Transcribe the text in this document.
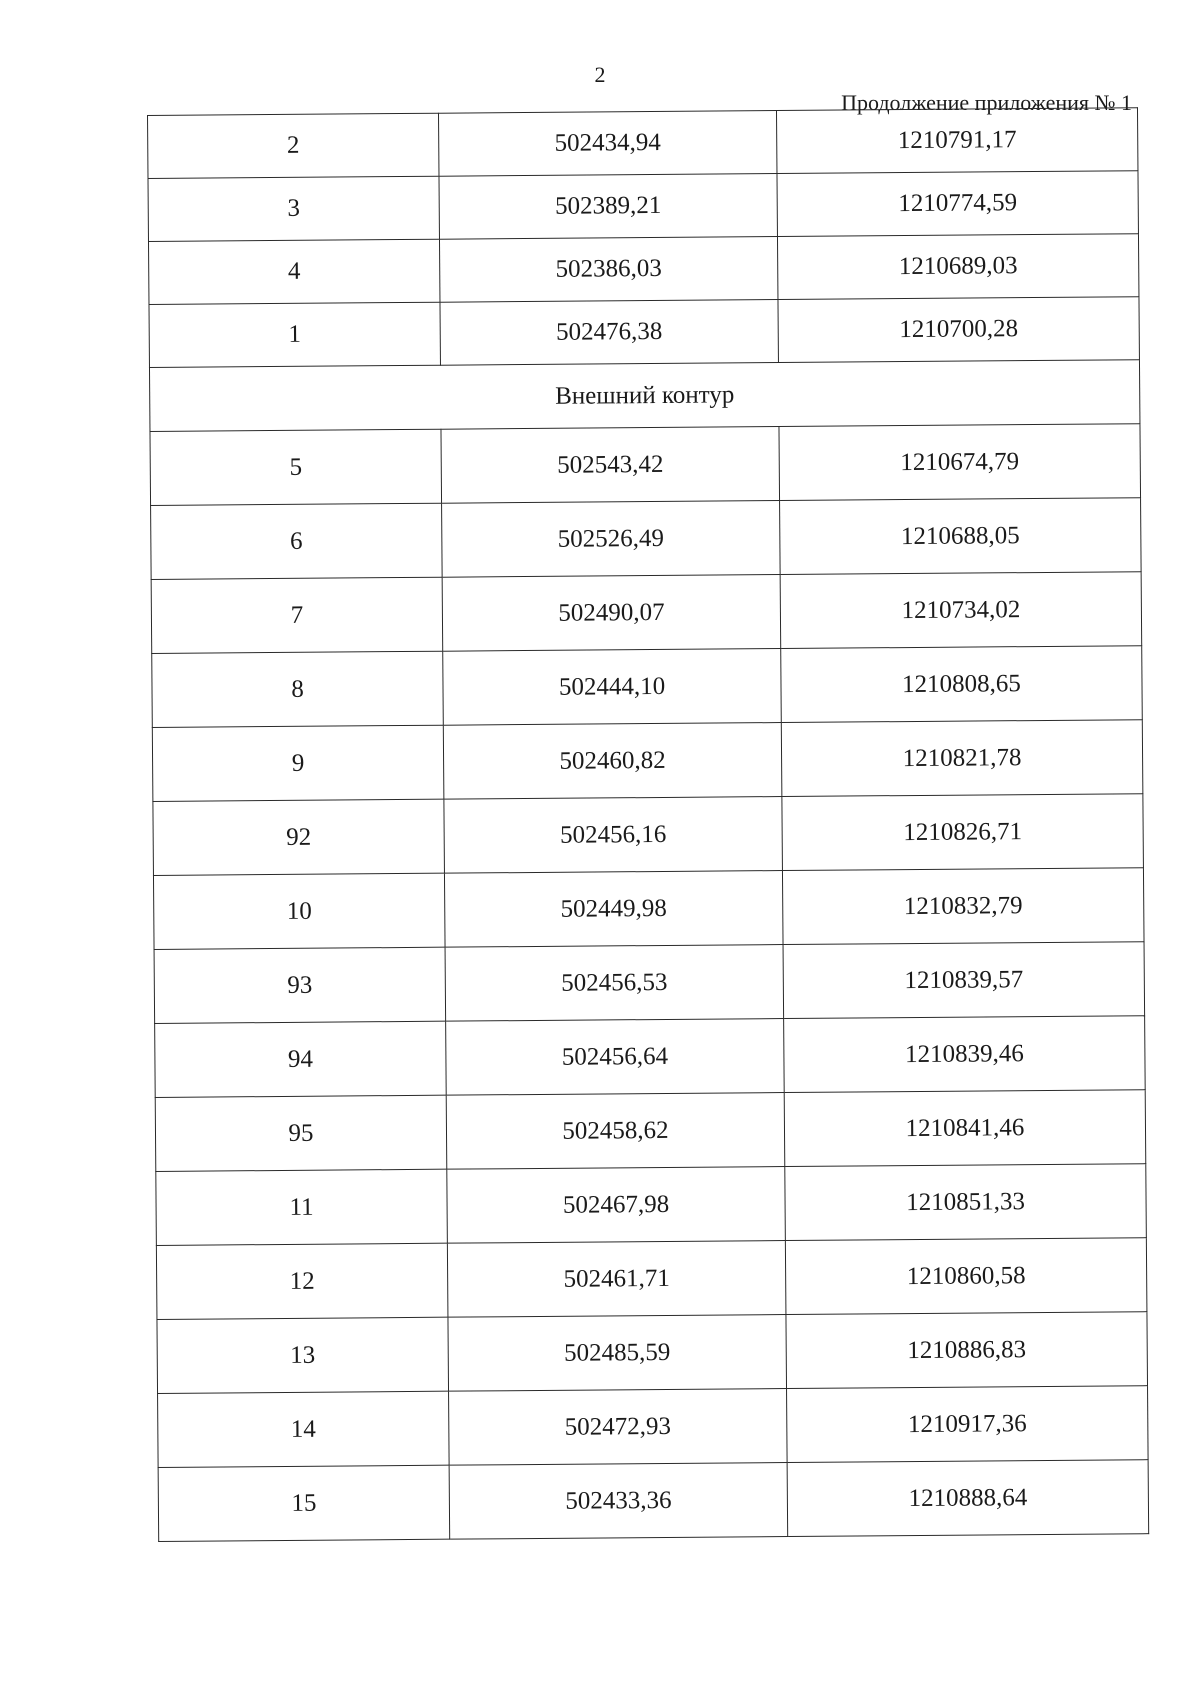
2
Продолжение приложения № 1
2	502434,94	1210791,17
3	502389,21	1210774,59
4	502386,03	1210689,03
1	502476,38	1210700,28
Внешний контур		
5	502543,42	1210674,79
6	502526,49	1210688,05
7	502490,07	1210734,02
8	502444,10	1210808,65
9	502460,82	1210821,78
92	502456,16	1210826,71
10	502449,98	1210832,79
93	502456,53	1210839,57
94	502456,64	1210839,46
95	502458,62	1210841,46
11	502467,98	1210851,33
12	502461,71	1210860,58
13	502485,59	1210886,83
14	502472,93	1210917,36
15	502433,36	1210888,64
